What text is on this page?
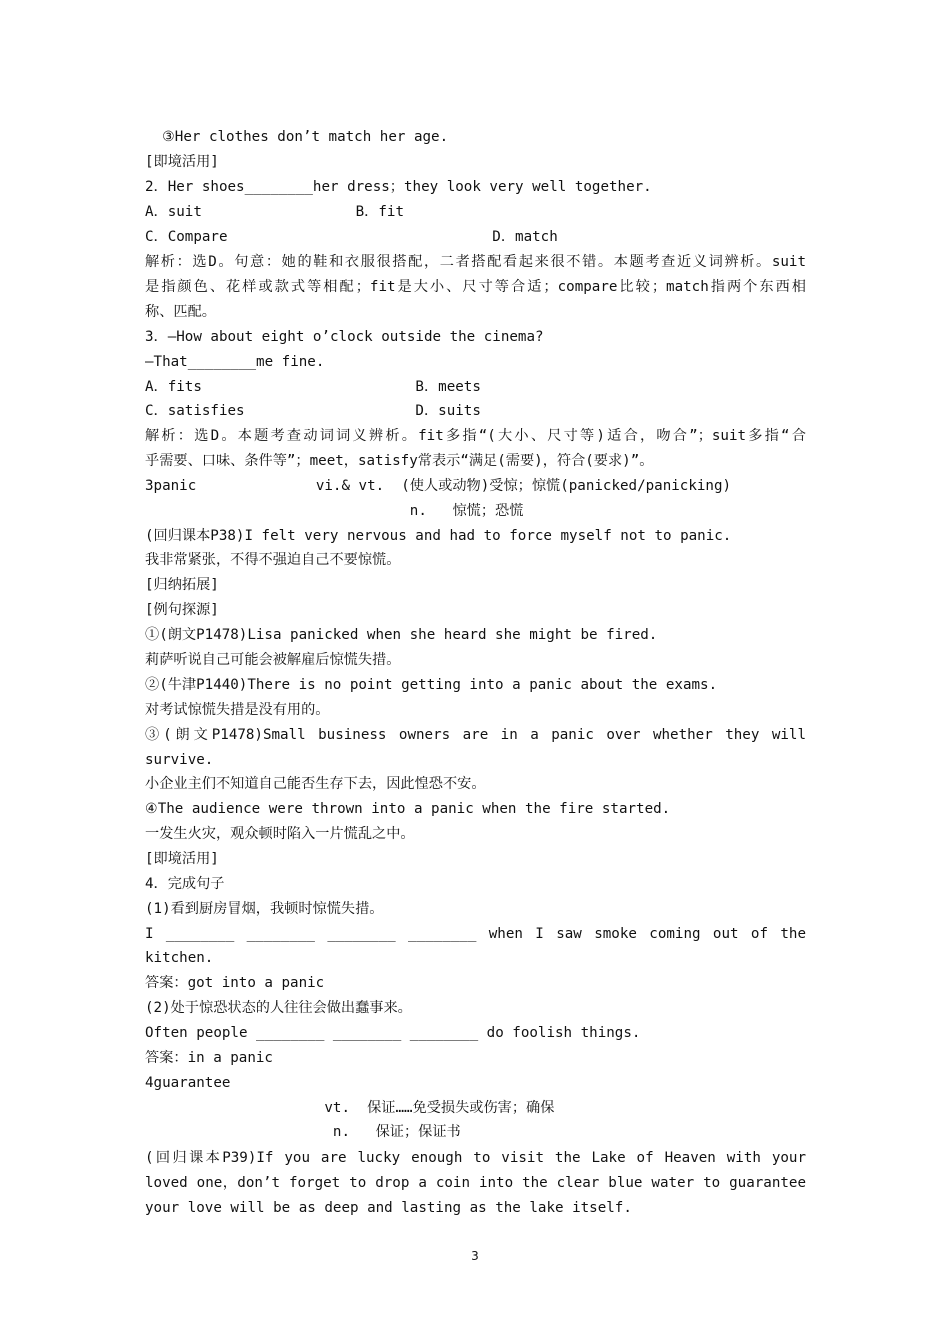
③Her clothes don’t match her age.
[即境活用]
2．Her shoes________her dress；they look very well together.
A．suit                  B．fit
C．Compare                               D．match
解析：选D。句意：她的鞋和衣服很搭配，二者搭配看起来很不错。本题考查近义词辨析。suit
是指颜色、花样或款式等相配；fit是大小、尺寸等合适；compare比较；match指两个东西相
称、匹配。
3．—How about eight o’clock outside the cinema?
—That________me fine.
A．fits                         B．meets
C．satisfies                    D．suits
解析：选D。本题考查动词词义辨析。fit多指“(大小、尺寸等)适合，吻合”；suit多指“合
乎需要、口味、条件等”；meet，satisfy常表示“满足(需要)，符合(要求)”。
3panic              vi.& vt.  (使人或动物)受惊；惊慌(panicked/panicking)
n.   惊慌；恐慌
(回归课本P38)I felt very nervous and had to force myself not to panic.
我非常紧张，不得不强迫自己不要惊慌。
[归纳拓展]
[例句探源]
①(朗文P1478)Lisa panicked when she heard she might be fired.
莉萨听说自己可能会被解雇后惊慌失措。
②(牛津P1440)There is no point getting into a panic about the exams.
对考试惊慌失措是没有用的。
③(朗文P1478)Small business owners are in a panic over whether they will
survive.
小企业主们不知道自己能否生存下去，因此惶恐不安。
④The audience were thrown into a panic when the fire started.
一发生火灾，观众顿时陷入一片慌乱之中。
[即境活用]
4．完成句子
(1)看到厨房冒烟，我顿时惊慌失措。
I ________ ________ ________ ________ when I saw smoke coming out of the
kitchen.
答案：got into a panic
(2)处于惊恐状态的人往往会做出蠢事来。
Often people ________ ________ ________ do foolish things.
答案：in a panic
4guarantee
vt.  保证……免受损失或伤害；确保
n.   保证；保证书
(回归课本P39)If you are lucky enough to visit the Lake of Heaven with your
loved one，don’t forget to drop a coin into the clear blue water to guarantee
your love will be as deep and lasting as the lake itself.
3
